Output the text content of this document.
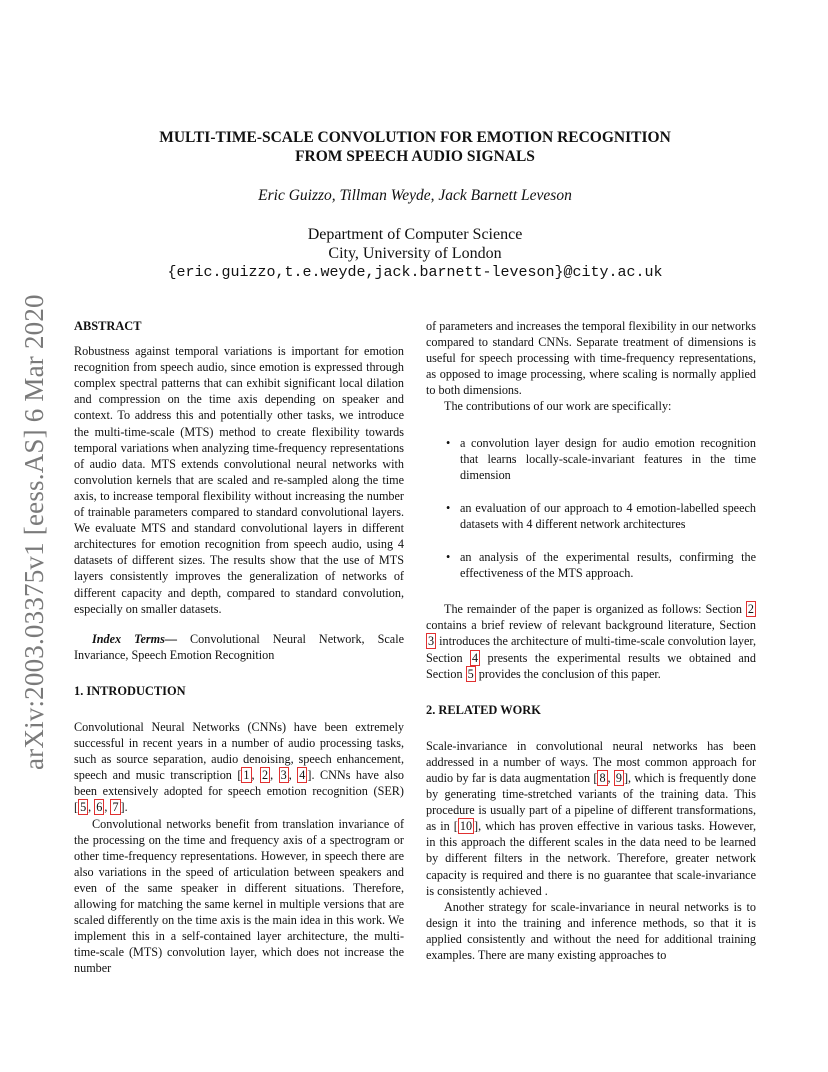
arXiv:2003.03375v1 [eess.AS] 6 Mar 2020
MULTI-TIME-SCALE CONVOLUTION FOR EMOTION RECOGNITION
FROM SPEECH AUDIO SIGNALS
Eric Guizzo, Tillman Weyde, Jack Barnett Leveson
Department of Computer Science
City, University of London
{eric.guizzo,t.e.weyde,jack.barnett-leveson}@city.ac.uk

ABSTRACT

Robustness against temporal variations is important for emotion recognition from speech audio, since emotion is expressed through complex spectral patterns that can exhibit significant local dilation and compression on the time axis depending on speaker and context. To address this and potentially other tasks, we introduce the multi-time-scale (MTS) method to create flexibility towards temporal variations when analyzing time-frequency representations of audio data. MTS extends convolutional neural networks with convolution kernels that are scaled and re-sampled along the time axis, to increase temporal flexibility without increasing the number of trainable parameters compared to standard convolutional layers. We evaluate MTS and standard convolutional layers in different architectures for emotion recognition from speech audio, using 4 datasets of different sizes. The results show that the use of MTS layers consistently improves the generalization of networks of different capacity and depth, compared to standard convolution, especially on smaller datasets.

Index Terms— Convolutional Neural Network, Scale Invariance, Speech Emotion Recognition

1. INTRODUCTION

Convolutional Neural Networks (CNNs) have been extremely successful in recent years in a number of audio processing tasks, such as source separation, audio denoising, speech enhancement, speech and music transcription [ 1 , 2 , 3 , 4 ]. CNNs have also been extensively adopted for speech emotion recognition (SER) [ 5 , 6 , 7 ].

Convolutional networks benefit from translation invariance of the processing on the time and frequency axis of a spectrogram or other time-frequency representations. However, in speech there are also variations in the speed of articulation between speakers and even of the same speaker in different situations. Therefore, allowing for matching the same kernel in multiple versions that are scaled differently on the time axis is the main idea in this work. We implement this in a self-contained layer architecture, the multi-time-scale (MTS) convolution layer, which does not increase the number

of parameters and increases the temporal flexibility in our networks compared to standard CNNs. Separate treatment of dimensions is useful for speech processing with time-frequency representations, as opposed to image processing, where scaling is normally applied to both dimensions.

The contributions of our work are specifically:

• a convolution layer design for audio emotion recognition that learns locally-scale-invariant features in the time dimension
• an evaluation of our approach to 4 emotion-labelled speech datasets with 4 different network architectures
• an analysis of the experimental results, confirming the effectiveness of the MTS approach.

The remainder of the paper is organized as follows: Section 2 contains a brief review of relevant background literature, Section 3 introduces the architecture of multi-time-scale convolution layer, Section 4 presents the experimental results we obtained and Section 5 provides the conclusion of this paper.

2. RELATED WORK

Scale-invariance in convolutional neural networks has been addressed in a number of ways. The most common approach for audio by far is data augmentation [ 8 , 9 ], which is frequently done by generating time-stretched variants of the training data. This procedure is usually part of a pipeline of different transformations, as in [ 10 ], which has proven effective in various tasks. However, in this approach the different scales in the data need to be learned by different filters in the network. Therefore, greater network capacity is required and there is no guarantee that scale-invariance is consistently achieved .

Another strategy for scale-invariance in neural networks is to design it into the training and inference methods, so that it is applied consistently and without the need for additional training examples. There are many existing approaches to
